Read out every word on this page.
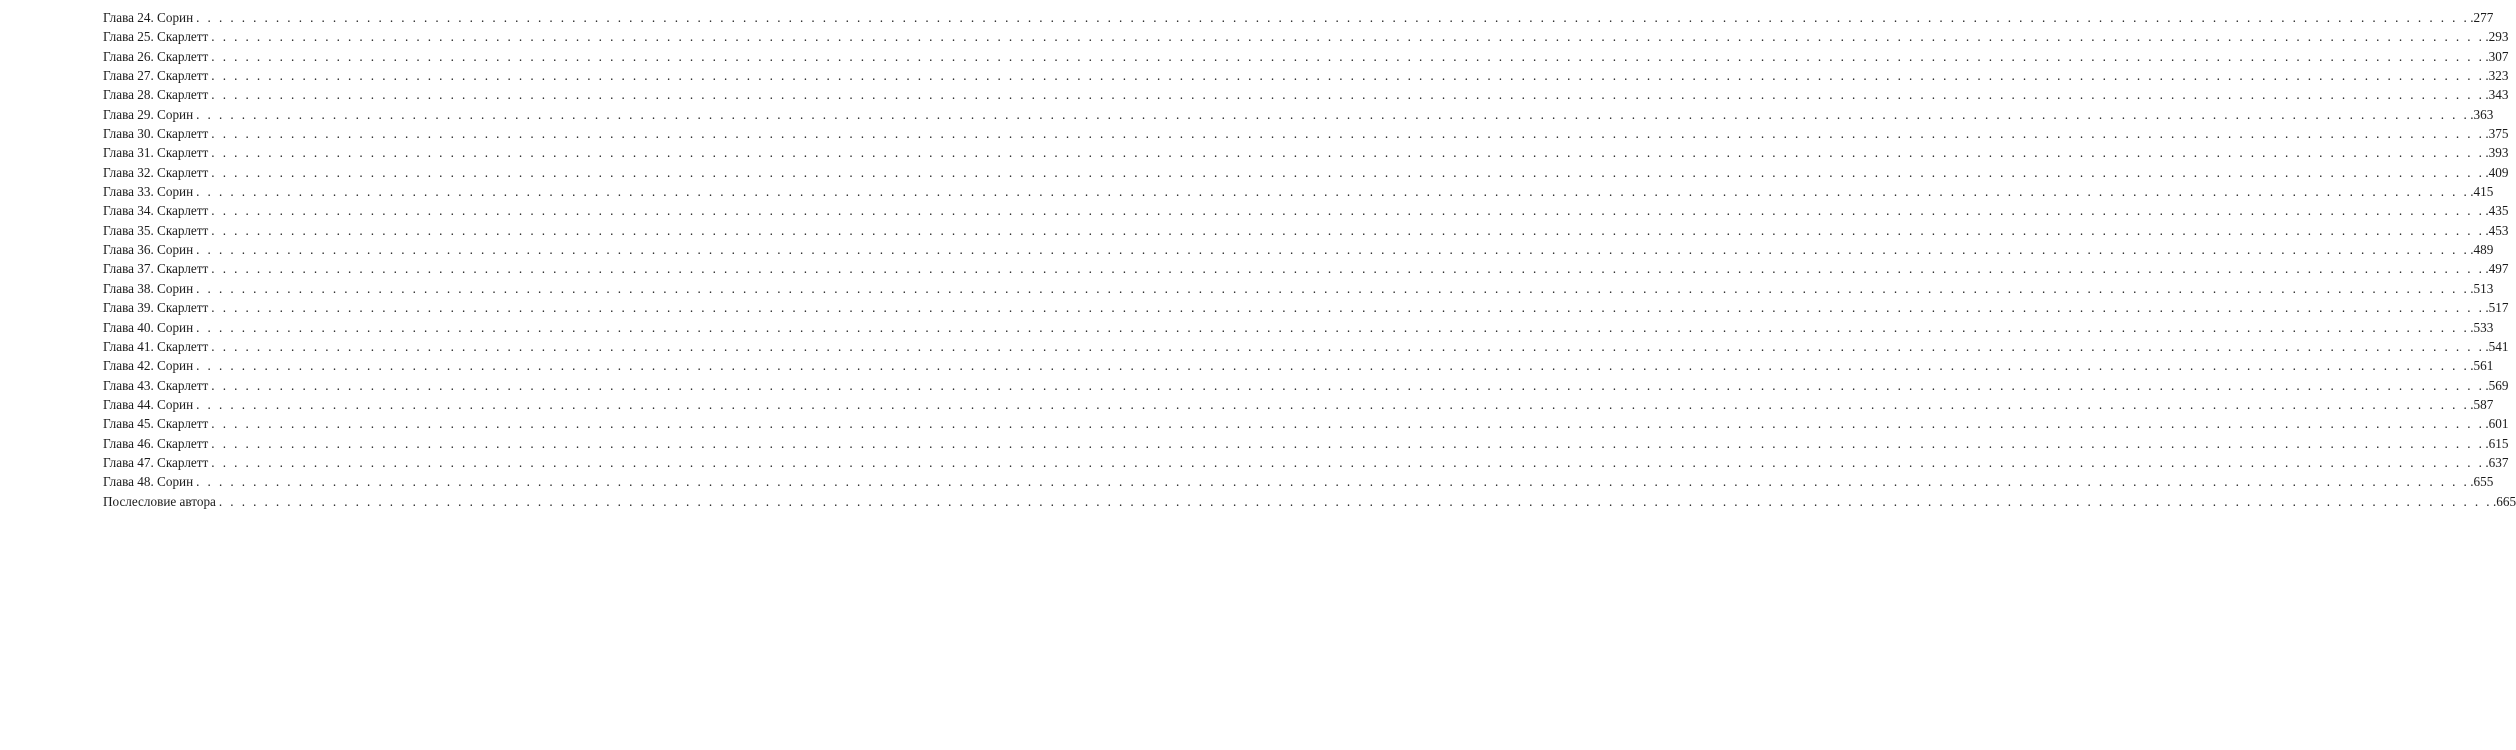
Глава 24. Сорин . . . . . . . . . . . . . . . . . . . . . . . . . . . . . . . . . . . . . . . . . . . . . . . . . . . . . . . . . . . . . . . . . . . . . . . . . . . . . . . . . . . . . . . . . . . . . . . . . . . . . . . . . . . . . . . . . . . . . . . . . . . . . . . . . . . . . . . . . . . . . . . . . . . . . . . . . . . . . . . . . . . . . . . . . . . . . . . . . . . . . . . . . . . . . . . . . . . . . . . . .277
Глава 25. Скарлетт . . . . . . . . . . . . . . . . . . . . . . . . . . . . . . . . . . . . . . . . . . . . . . . . . . . . . . . . . . . . . . . . . . . . . . . . . . . . . . . . . . . . . . . . . . . . . . . . . . . . . . . . . . . . . . . . . . . . . . . . . . . . . . . . . . . . . . . . . . . . . . . . . . . . . . . . . . . . . . . . . . . . . . . . . . . . . . . . . . . . . . . . . . . . . . . . . . . . . . . . .293
Глава 26. Скарлетт . . . . . . . . . . . . . . . . . . . . . . . . . . . . . . . . . . . . . . . . . . . . . . . . . . . . . . . . . . . . . . . . . . . . . . . . . . . . . . . . . . . . . . . . . . . . . . . . . . . . . . . . . . . . . . . . . . . . . . . . . . . . . . . . . . . . . . . . . . . . . . . . . . . . . . . . . . . . . . . . . . . . . . . . . . . . . . . . . . . . . . . . . . . . . . . . . . . . . . . . .307
Глава 27. Скарлетт . . . . . . . . . . . . . . . . . . . . . . . . . . . . . . . . . . . . . . . . . . . . . . . . . . . . . . . . . . . . . . . . . . . . . . . . . . . . . . . . . . . . . . . . . . . . . . . . . . . . . . . . . . . . . . . . . . . . . . . . . . . . . . . . . . . . . . . . . . . . . . . . . . . . . . . . . . . . . . . . . . . . . . . . . . . . . . . . . . . . . . . . . . . . . . . . . . . . . . . . .323
Глава 28. Скарлетт . . . . . . . . . . . . . . . . . . . . . . . . . . . . . . . . . . . . . . . . . . . . . . . . . . . . . . . . . . . . . . . . . . . . . . . . . . . . . . . . . . . . . . . . . . . . . . . . . . . . . . . . . . . . . . . . . . . . . . . . . . . . . . . . . . . . . . . . . . . . . . . . . . . . . . . . . . . . . . . . . . . . . . . . . . . . . . . . . . . . . . . . . . . . . . . . . . . . . . . . .343
Глава 29. Сорин . . . . . . . . . . . . . . . . . . . . . . . . . . . . . . . . . . . . . . . . . . . . . . . . . . . . . . . . . . . . . . . . . . . . . . . . . . . . . . . . . . . . . . . . . . . . . . . . . . . . . . . . . . . . . . . . . . . . . . . . . . . . . . . . . . . . . . . . . . . . . . . . . . . . . . . . . . . . . . . . . . . . . . . . . . . . . . . . . . . . . . . . . . . . . . . . . . . . . . . . .363
Глава 30. Скарлетт . . . . . . . . . . . . . . . . . . . . . . . . . . . . . . . . . . . . . . . . . . . . . . . . . . . . . . . . . . . . . . . . . . . . . . . . . . . . . . . . . . . . . . . . . . . . . . . . . . . . . . . . . . . . . . . . . . . . . . . . . . . . . . . . . . . . . . . . . . . . . . . . . . . . . . . . . . . . . . . . . . . . . . . . . . . . . . . . . . . . . . . . . . . . . . . . . . . . . . . . .375
Глава 31. Скарлетт . . . . . . . . . . . . . . . . . . . . . . . . . . . . . . . . . . . . . . . . . . . . . . . . . . . . . . . . . . . . . . . . . . . . . . . . . . . . . . . . . . . . . . . . . . . . . . . . . . . . . . . . . . . . . . . . . . . . . . . . . . . . . . . . . . . . . . . . . . . . . . . . . . . . . . . . . . . . . . . . . . . . . . . . . . . . . . . . . . . . . . . . . . . . . . . . . . . . . . . . .393
Глава 32. Скарлетт . . . . . . . . . . . . . . . . . . . . . . . . . . . . . . . . . . . . . . . . . . . . . . . . . . . . . . . . . . . . . . . . . . . . . . . . . . . . . . . . . . . . . . . . . . . . . . . . . . . . . . . . . . . . . . . . . . . . . . . . . . . . . . . . . . . . . . . . . . . . . . . . . . . . . . . . . . . . . . . . . . . . . . . . . . . . . . . . . . . . . . . . . . . . . . . . . . . . . . . . .409
Глава 33. Сорин . . . . . . . . . . . . . . . . . . . . . . . . . . . . . . . . . . . . . . . . . . . . . . . . . . . . . . . . . . . . . . . . . . . . . . . . . . . . . . . . . . . . . . . . . . . . . . . . . . . . . . . . . . . . . . . . . . . . . . . . . . . . . . . . . . . . . . . . . . . . . . . . . . . . . . . . . . . . . . . . . . . . . . . . . . . . . . . . . . . . . . . . . . . . . . . . . . . . . . . . .415
Глава 34. Скарлетт . . . . . . . . . . . . . . . . . . . . . . . . . . . . . . . . . . . . . . . . . . . . . . . . . . . . . . . . . . . . . . . . . . . . . . . . . . . . . . . . . . . . . . . . . . . . . . . . . . . . . . . . . . . . . . . . . . . . . . . . . . . . . . . . . . . . . . . . . . . . . . . . . . . . . . . . . . . . . . . . . . . . . . . . . . . . . . . . . . . . . . . . . . . . . . . . . . . . . . . . .435
Глава 35. Скарлетт . . . . . . . . . . . . . . . . . . . . . . . . . . . . . . . . . . . . . . . . . . . . . . . . . . . . . . . . . . . . . . . . . . . . . . . . . . . . . . . . . . . . . . . . . . . . . . . . . . . . . . . . . . . . . . . . . . . . . . . . . . . . . . . . . . . . . . . . . . . . . . . . . . . . . . . . . . . . . . . . . . . . . . . . . . . . . . . . . . . . . . . . . . . . . . . . . . . . . . . . .453
Глава 36. Сорин . . . . . . . . . . . . . . . . . . . . . . . . . . . . . . . . . . . . . . . . . . . . . . . . . . . . . . . . . . . . . . . . . . . . . . . . . . . . . . . . . . . . . . . . . . . . . . . . . . . . . . . . . . . . . . . . . . . . . . . . . . . . . . . . . . . . . . . . . . . . . . . . . . . . . . . . . . . . . . . . . . . . . . . . . . . . . . . . . . . . . . . . . . . . . . . . . . . . . . . . .489
Глава 37. Скарлетт . . . . . . . . . . . . . . . . . . . . . . . . . . . . . . . . . . . . . . . . . . . . . . . . . . . . . . . . . . . . . . . . . . . . . . . . . . . . . . . . . . . . . . . . . . . . . . . . . . . . . . . . . . . . . . . . . . . . . . . . . . . . . . . . . . . . . . . . . . . . . . . . . . . . . . . . . . . . . . . . . . . . . . . . . . . . . . . . . . . . . . . . . . . . . . . . . . . . . . . . .497
Глава 38. Сорин . . . . . . . . . . . . . . . . . . . . . . . . . . . . . . . . . . . . . . . . . . . . . . . . . . . . . . . . . . . . . . . . . . . . . . . . . . . . . . . . . . . . . . . . . . . . . . . . . . . . . . . . . . . . . . . . . . . . . . . . . . . . . . . . . . . . . . . . . . . . . . . . . . . . . . . . . . . . . . . . . . . . . . . . . . . . . . . . . . . . . . . . . . . . . . . . . . . . . . . . .513
Глава 39. Скарлетт . . . . . . . . . . . . . . . . . . . . . . . . . . . . . . . . . . . . . . . . . . . . . . . . . . . . . . . . . . . . . . . . . . . . . . . . . . . . . . . . . . . . . . . . . . . . . . . . . . . . . . . . . . . . . . . . . . . . . . . . . . . . . . . . . . . . . . . . . . . . . . . . . . . . . . . . . . . . . . . . . . . . . . . . . . . . . . . . . . . . . . . . . . . . . . . . . . . . . . . . .517
Глава 40. Сорин . . . . . . . . . . . . . . . . . . . . . . . . . . . . . . . . . . . . . . . . . . . . . . . . . . . . . . . . . . . . . . . . . . . . . . . . . . . . . . . . . . . . . . . . . . . . . . . . . . . . . . . . . . . . . . . . . . . . . . . . . . . . . . . . . . . . . . . . . . . . . . . . . . . . . . . . . . . . . . . . . . . . . . . . . . . . . . . . . . . . . . . . . . . . . . . . . . . . . . . . .533
Глава 41. Скарлетт . . . . . . . . . . . . . . . . . . . . . . . . . . . . . . . . . . . . . . . . . . . . . . . . . . . . . . . . . . . . . . . . . . . . . . . . . . . . . . . . . . . . . . . . . . . . . . . . . . . . . . . . . . . . . . . . . . . . . . . . . . . . . . . . . . . . . . . . . . . . . . . . . . . . . . . . . . . . . . . . . . . . . . . . . . . . . . . . . . . . . . . . . . . . . . . . . . . . . . . . .541
Глава 42. Сорин . . . . . . . . . . . . . . . . . . . . . . . . . . . . . . . . . . . . . . . . . . . . . . . . . . . . . . . . . . . . . . . . . . . . . . . . . . . . . . . . . . . . . . . . . . . . . . . . . . . . . . . . . . . . . . . . . . . . . . . . . . . . . . . . . . . . . . . . . . . . . . . . . . . . . . . . . . . . . . . . . . . . . . . . . . . . . . . . . . . . . . . . . . . . . . . . . . . . . . . . .561
Глава 43. Скарлетт . . . . . . . . . . . . . . . . . . . . . . . . . . . . . . . . . . . . . . . . . . . . . . . . . . . . . . . . . . . . . . . . . . . . . . . . . . . . . . . . . . . . . . . . . . . . . . . . . . . . . . . . . . . . . . . . . . . . . . . . . . . . . . . . . . . . . . . . . . . . . . . . . . . . . . . . . . . . . . . . . . . . . . . . . . . . . . . . . . . . . . . . . . . . . . . . . . . . . . . . .569
Глава 44. Сорин . . . . . . . . . . . . . . . . . . . . . . . . . . . . . . . . . . . . . . . . . . . . . . . . . . . . . . . . . . . . . . . . . . . . . . . . . . . . . . . . . . . . . . . . . . . . . . . . . . . . . . . . . . . . . . . . . . . . . . . . . . . . . . . . . . . . . . . . . . . . . . . . . . . . . . . . . . . . . . . . . . . . . . . . . . . . . . . . . . . . . . . . . . . . . . . . . . . . . . . . .587
Глава 45. Скарлетт . . . . . . . . . . . . . . . . . . . . . . . . . . . . . . . . . . . . . . . . . . . . . . . . . . . . . . . . . . . . . . . . . . . . . . . . . . . . . . . . . . . . . . . . . . . . . . . . . . . . . . . . . . . . . . . . . . . . . . . . . . . . . . . . . . . . . . . . . . . . . . . . . . . . . . . . . . . . . . . . . . . . . . . . . . . . . . . . . . . . . . . . . . . . . . . . . . . . . . . . .601
Глава 46. Скарлетт . . . . . . . . . . . . . . . . . . . . . . . . . . . . . . . . . . . . . . . . . . . . . . . . . . . . . . . . . . . . . . . . . . . . . . . . . . . . . . . . . . . . . . . . . . . . . . . . . . . . . . . . . . . . . . . . . . . . . . . . . . . . . . . . . . . . . . . . . . . . . . . . . . . . . . . . . . . . . . . . . . . . . . . . . . . . . . . . . . . . . . . . . . . . . . . . . . . . . . . . .615
Глава 47. Скарлетт . . . . . . . . . . . . . . . . . . . . . . . . . . . . . . . . . . . . . . . . . . . . . . . . . . . . . . . . . . . . . . . . . . . . . . . . . . . . . . . . . . . . . . . . . . . . . . . . . . . . . . . . . . . . . . . . . . . . . . . . . . . . . . . . . . . . . . . . . . . . . . . . . . . . . . . . . . . . . . . . . . . . . . . . . . . . . . . . . . . . . . . . . . . . . . . . . . . . . . . . .637
Глава 48. Сорин . . . . . . . . . . . . . . . . . . . . . . . . . . . . . . . . . . . . . . . . . . . . . . . . . . . . . . . . . . . . . . . . . . . . . . . . . . . . . . . . . . . . . . . . . . . . . . . . . . . . . . . . . . . . . . . . . . . . . . . . . . . . . . . . . . . . . . . . . . . . . . . . . . . . . . . . . . . . . . . . . . . . . . . . . . . . . . . . . . . . . . . . . . . . . . . . . . . . . . . . .655
Послесловие автора . . . . . . . . . . . . . . . . . . . . . . . . . . . . . . . . . . . . . . . . . . . . . . . . . . . . . . . . . . . . . . . . . . . . . . . . . . . . . . . . . . . . . . . . . . . . . . . . . . . . . . . . . . . . . . . . . . . . . . . . . . . . . . . . . . . . . . . . . . . . . . . . . . . . . . . . . . . . . . . . . . . . . . . . . . . . . . . . . . . . . . . . . . . . . . . . . . . . . . . . .665
